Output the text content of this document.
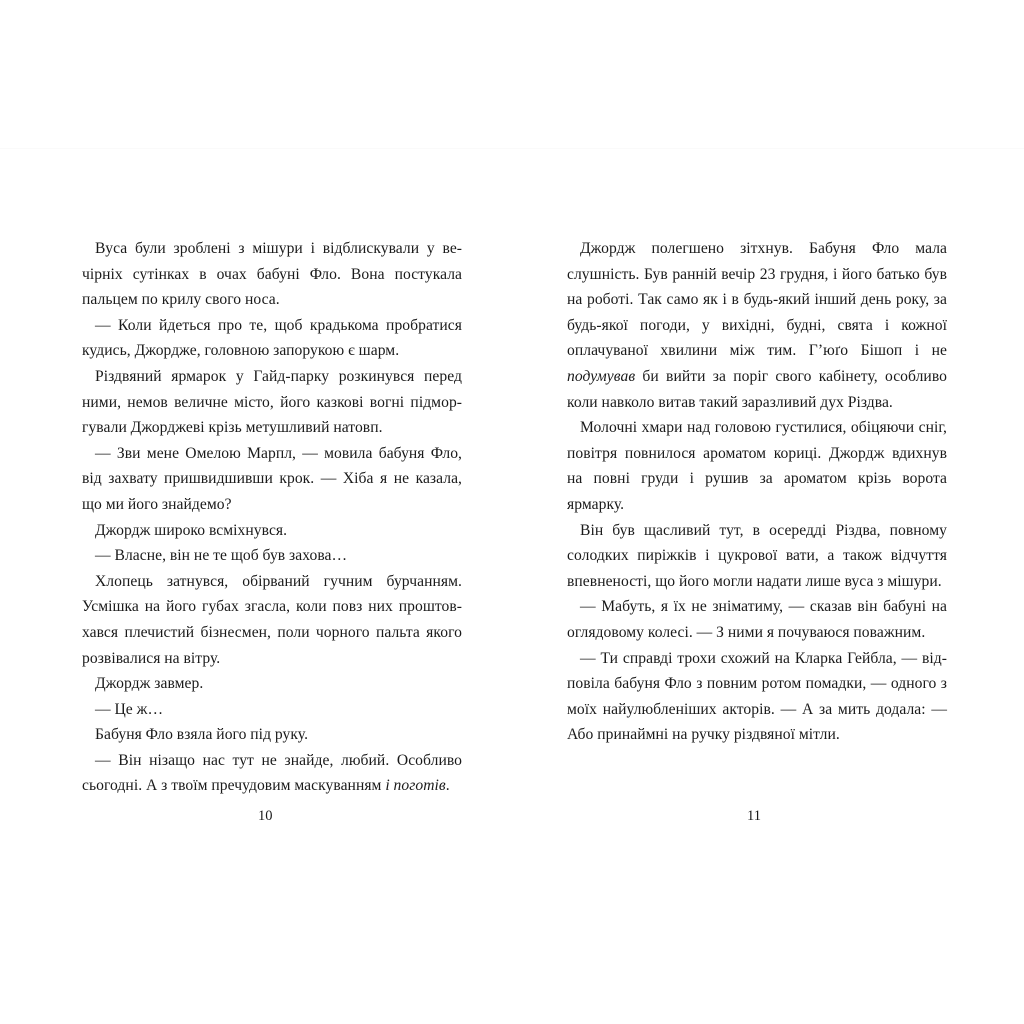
Вуса були зроблені з мішури і відблискували у вечірніх сутінках в очах бабуні Фло. Вона постукала пальцем по крилу свого носа.

— Коли йдеться про те, щоб крадькома пробратися кудись, Джордже, головною запорукою є шарм.

Різдвяний ярмарок у Гайд-парку розкинувся перед ними, немов величне місто, його казкові вогні підморгували Джорджеві крізь метушливий натовп.

— Зви мене Омелою Марпл, — мовила бабуня Фло, від захвату пришвидшивши крок. — Хіба я не казала, що ми його знайдемо?

Джордж широко всміхнувся.

— Власне, він не те щоб був захова…

Хлопець затнувся, обірваний гучним бурчанням. Усмішка на його губах згасла, коли повз них проштовхався плечистий бізнесмен, поли чорного пальта якого розвівалися на вітру.

Джордж завмер.

— Це ж…

Бабуня Фло взяла його під руку.

— Він нізащо нас тут не знайде, любий. Особливо сьогодні. А з твоїм пречудовим маскуванням і поготів.

10

Джордж полегшено зітхнув. Бабуня Фло мала слушність. Був ранній вечір 23 грудня, і його батько був на роботі. Так само як і в будь-який інший день року, за будь-якої погоди, у вихідні, будні, свята і кожної оплачуваної хвилини між тим. Г’юґо Бішоп і не подумував би вийти за поріг свого кабінету, особливо коли навколо витав такий заразливий дух Різдва.

Молочні хмари над головою густилися, обіцяючи сніг, повітря повнилося ароматом кориці. Джордж вдихнув на повні груди і рушив за ароматом крізь ворота ярмарку.

Він був щасливий тут, в осередді Різдва, повному солодких пиріжків і цукрової вати, а також відчуття впевненості, що його могли надати лише вуса з мішури.

— Мабуть, я їх не зніматиму, — сказав він бабуні на оглядовому колесі. — З ними я почуваюся поважним.

— Ти справді трохи схожий на Кларка Гейбла, — відповіла бабуня Фло з повним ротом помадки, — одного з моїх найулюбленіших акторів. — А за мить додала: — Або принаймні на ручку різдвяної мітли.

11
